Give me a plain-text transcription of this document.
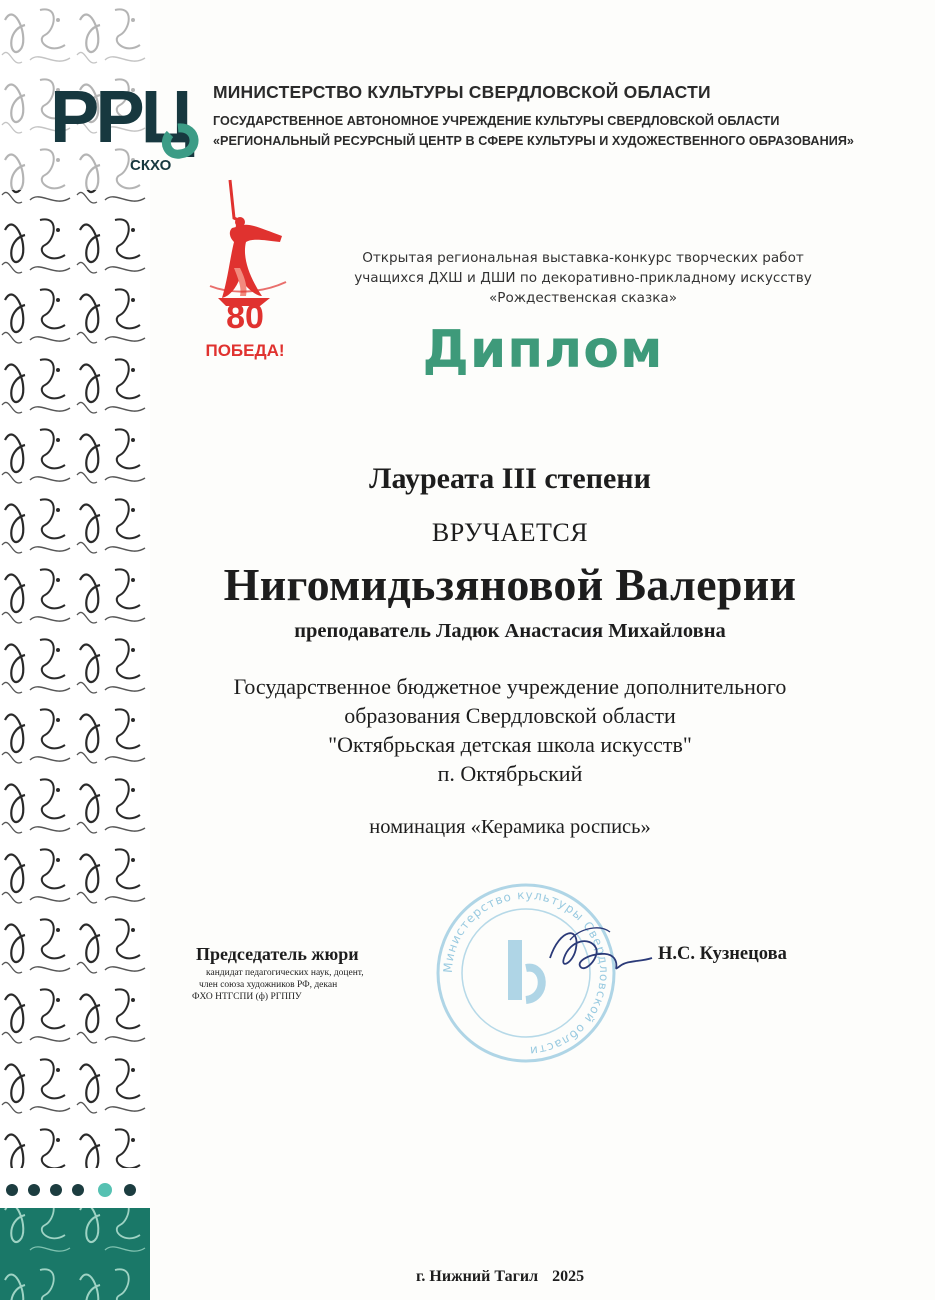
РРЦ
СКХО
МИНИСТЕРСТВО КУЛЬТУРЫ СВЕРДЛОВСКОЙ ОБЛАСТИ
ГОСУДАРСТВЕННОЕ АВТОНОМНОЕ УЧРЕЖДЕНИЕ КУЛЬТУРЫ СВЕРДЛОВСКОЙ ОБЛАСТИ
«РЕГИОНАЛЬНЫЙ РЕСУРСНЫЙ ЦЕНТР В СФЕРЕ КУЛЬТУРЫ И ХУДОЖЕСТВЕННОГО ОБРАЗОВАНИЯ»
80
ПОБЕДА!
Открытая региональная выставка-конкурс творческих работ
учащихся ДХШ и ДШИ по декоративно-прикладному искусству
«Рождественская сказка»
Диплом
Лауреата III степени
ВРУЧАЕТСЯ
Нигомидьзяновой Валерии
преподаватель Ладюк Анастасия Михайловна
Государственное бюджетное учреждение дополнительного
образования Свердловской области
"Октябрьская детская школа искусств"
п. Октябрьский
номинация «Керамика роспись»
Министерство культуры Свердловской области
Председатель жюри
кандидат педагогических наук, доцент,
член союза художников РФ, декан
ФХО НТГСПИ (ф) РГППУ
Н.С. Кузнецова
г. Нижний Тагил 2025
